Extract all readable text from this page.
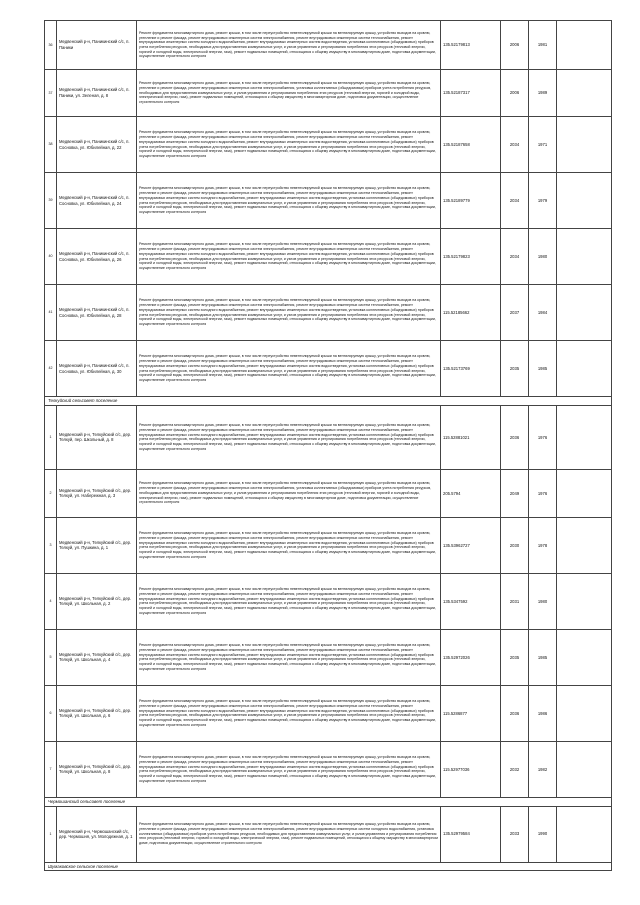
36	Медвенский р-н, Паникинский с/с, п. Паники	Ремонт фундамента многоквартирного дома, ремонт крыши, в том числе переустройство невентилируемой крыши на вентилируемую крышу, устройство выходов на кровлю, утепление и ремонт фасада, ремонт внутридомовых инженерных систем электроснабжения, ремонт внутридомовых инженерных систем теплоснабжения, ремонт внутридомовых инженерных систем холодного водоснабжения, ремонт внутридомовых инженерных систем водоотведения, установка коллективных (общедомовых) приборов учета потребления ресурсов, необходимых для предоставления коммунальных услуг, и узлов управления и регулирования потребления этих ресурсов (тепловой энергии, горячей и холодной воды, электрической энергии, газа), ремонт подвальных помещений, относящихся к общему имуществу в многоквартирном доме, подготовка документации, осуществление строительного контроля	135.52179813	2006	1981	
37	Медвенский р-н, Паникинский с/с, п. Паники, ул. Зеленая, д. 8	Ремонт фундамента многоквартирного дома, ремонт крыши, в том числе переустройство невентилируемой крыши на вентилируемую крышу, устройство выходов на кровлю, утепление и ремонт фасада, ремонт внутридомовых инженерных систем электроснабжения, установка коллективных (общедомовых) приборов учета потребления ресурсов, необходимых для предоставления коммунальных услуг, и узлов управления и регулирования потребления этих ресурсов (тепловой энергии, горячей и холодной воды, электрической энергии, газа), ремонт подвальных помещений, относящихся к общему имуществу в многоквартирном доме, подготовка документации, осуществление строительного контроля	135.52187317	2006	1989	
38	Медвенский р-н, Паникинский с/с, п. Сосновка, ул. Юбилейная, д. 22	Ремонт фундамента многоквартирного дома, ремонт крыши, в том числе переустройство невентилируемой крыши на вентилируемую крышу, устройство выходов на кровлю, утепление и ремонт фасада, ремонт внутридомовых инженерных систем электроснабжения, ремонт внутридомовых инженерных систем теплоснабжения, ремонт внутридомовых инженерных систем холодного водоснабжения, ремонт внутридомовых инженерных систем водоотведения, установка коллективных (общедомовых) приборов учета потребления ресурсов, необходимых для предоставления коммунальных услуг, и узлов управления и регулирования потребления этих ресурсов (тепловой энергии, горячей и холодной воды, электрической энергии, газа), ремонт подвальных помещений, относящихся к общему имуществу в многоквартирном доме, подготовка документации, осуществление строительного контроля	135.52187658	2034	1971	
39	Медвенский р-н, Паникинский с/с, п. Сосновка, ул. Юбилейная, д. 24	Ремонт фундамента многоквартирного дома, ремонт крыши, в том числе переустройство невентилируемой крыши на вентилируемую крышу, устройство выходов на кровлю, утепление и ремонт фасада, ремонт внутридомовых инженерных систем электроснабжения, ремонт внутридомовых инженерных систем теплоснабжения, ремонт внутридомовых инженерных систем холодного водоснабжения, ремонт внутридомовых инженерных систем водоотведения, установка коллективных (общедомовых) приборов учета потребления ресурсов, необходимых для предоставления коммунальных услуг, и узлов управления и регулирования потребления этих ресурсов (тепловой энергии, горячей и холодной воды, электрической энергии, газа), ремонт подвальных помещений, относящихся к общему имуществу в многоквартирном доме, подготовка документации, осуществление строительного контроля	135.52189779	2034	1979	
40	Медвенский р-н, Паникинский с/с, п. Сосновка, ул. Юбилейная, д. 26	Ремонт фундамента многоквартирного дома, ремонт крыши, в том числе переустройство невентилируемой крыши на вентилируемую крышу, устройство выходов на кровлю, утепление и ремонт фасада, ремонт внутридомовых инженерных систем электроснабжения, ремонт внутридомовых инженерных систем теплоснабжения, ремонт внутридомовых инженерных систем холодного водоснабжения, ремонт внутридомовых инженерных систем водоотведения, установка коллективных (общедомовых) приборов учета потребления ресурсов, необходимых для предоставления коммунальных услуг, и узлов управления и регулирования потребления этих ресурсов (тепловой энергии, горячей и холодной воды, электрической энергии, газа), ремонт подвальных помещений, относящихся к общему имуществу в многоквартирном доме, подготовка документации, осуществление строительного контроля	135.52179823	2034	1980	
41	Медвенский р-н, Паникинский с/с, п. Сосновка, ул. Юбилейная, д. 28	Ремонт фундамента многоквартирного дома, ремонт крыши, в том числе переустройство невентилируемой крыши на вентилируемую крышу, устройство выходов на кровлю, утепление и ремонт фасада, ремонт внутридомовых инженерных систем электроснабжения, ремонт внутридомовых инженерных систем теплоснабжения, ремонт внутридомовых инженерных систем холодного водоснабжения, ремонт внутридомовых инженерных систем водоотведения, установка коллективных (общедомовых) приборов учета потребления ресурсов, необходимых для предоставления коммунальных услуг, и узлов управления и регулирования потребления этих ресурсов (тепловой энергии, горячей и холодной воды, электрической энергии, газа), ремонт подвальных помещений, относящихся к общему имуществу в многоквартирном доме, подготовка документации, осуществление строительного контроля	115.52185662	2037	1984	
42	Медвенский р-н, Паникинский с/с, п. Сосновка, ул. Юбилейная, д. 30	Ремонт фундамента многоквартирного дома, ремонт крыши, в том числе переустройство невентилируемой крыши на вентилируемую крышу, устройство выходов на кровлю, утепление и ремонт фасада, ремонт внутридомовых инженерных систем электроснабжения, ремонт внутридомовых инженерных систем теплоснабжения, ремонт внутридомовых инженерных систем холодного водоснабжения, ремонт внутридомовых инженерных систем водоотведения, установка коллективных (общедомовых) приборов учета потребления ресурсов, необходимых для предоставления коммунальных услуг, и узлов управления и регулирования потребления этих ресурсов (тепловой энергии, горячей и холодной воды, электрической энергии, газа), ремонт подвальных помещений, относящихся к общему имуществу в многоквартирном доме, подготовка документации, осуществление строительного контроля	135.52173769	2035	1985	
Телкуйский сельсовет поселение						
1	Медвенский р-н, Телкуйский с/с, дер. Телкуй, пер. Школьный, д. 8	Ремонт фундамента многоквартирного дома, ремонт крыши, в том числе переустройство невентилируемой крыши на вентилируемую крышу, устройство выходов на кровлю, утепление и ремонт фасада, ремонт внутридомовых инженерных систем электроснабжения, ремонт внутридомовых инженерных систем теплоснабжения, ремонт внутридомовых инженерных систем холодного водоснабжения, ремонт внутридомовых инженерных систем водоотведения, установка коллективных (общедомовых) приборов учета потребления ресурсов, необходимых для предоставления коммунальных услуг, и узлов управления и регулирования потребления этих ресурсов (тепловой энергии, горячей и холодной воды, электрической энергии, газа), ремонт подвальных помещений, относящихся к общему имуществу в многоквартирном доме, подготовка документации, осуществление строительного контроля	115.52881021	2036	1976	
2	Медвенский р-н, Телкуйский с/с, дер. Телкуй, ул. Набережная, д. 3	Ремонт фундамента многоквартирного дома, ремонт крыши, в том числе переустройство невентилируемой крыши на вентилируемую крышу, устройство выходов на кровлю, утепление и ремонт фасада, ремонт внутридомовых инженерных систем электроснабжения, установка коллективных (общедомовых) приборов учета потребления ресурсов, необходимых для предоставления коммунальных услуг, и узлов управления и регулирования потребления этих ресурсов (тепловой энергии, горячей и холодной воды, электрической энергии, газа), ремонт подвальных помещений, относящихся к общему имуществу в многоквартирном доме, подготовка документации, осуществление строительного контроля	205.5794	2049	1976	
3	Медвенский р-н, Телкуйский с/с, дер. Телкуй, ул. Пушкина, д. 1	Ремонт фундамента многоквартирного дома, ремонт крыши, в том числе переустройство невентилируемой крыши на вентилируемую крышу, устройство выходов на кровлю, утепление и ремонт фасада, ремонт внутридомовых инженерных систем электроснабжения, ремонт внутридомовых инженерных систем теплоснабжения, ремонт внутридомовых инженерных систем холодного водоснабжения, ремонт внутридомовых инженерных систем водоотведения, установка коллективных (общедомовых) приборов учета потребления ресурсов, необходимых для предоставления коммунальных услуг, и узлов управления и регулирования потребления этих ресурсов (тепловой энергии, горячей и холодной воды, электрической энергии, газа), ремонт подвальных помещений, относящихся к общему имуществу в многоквартирном доме, подготовка документации, осуществление строительного контроля	135.53962727	2030	1978	
4	Медвенский р-н, Телкуйский с/с, дер. Телкуй, ул. Школьная, д. 2	Ремонт фундамента многоквартирного дома, ремонт крыши, в том числе переустройство невентилируемой крыши на вентилируемую крышу, устройство выходов на кровлю, утепление и ремонт фасада, ремонт внутридомовых инженерных систем электроснабжения, ремонт внутридомовых инженерных систем теплоснабжения, ремонт внутридомовых инженерных систем холодного водоснабжения, ремонт внутридомовых инженерных систем водоотведения, установка коллективных (общедомовых) приборов учета потребления ресурсов, необходимых для предоставления коммунальных услуг, и узлов управления и регулирования потребления этих ресурсов (тепловой энергии, горячей и холодной воды, электрической энергии, газа), ремонт подвальных помещений, относящихся к общему имуществу в многоквартирном доме, подготовка документации, осуществление строительного контроля	135.5347592	2031	1980	
5	Медвенский р-н, Телкуйский с/с, дер. Телкуй, ул. Школьная, д. 4	Ремонт фундамента многоквартирного дома, ремонт крыши, в том числе переустройство невентилируемой крыши на вентилируемую крышу, устройство выходов на кровлю, утепление и ремонт фасада, ремонт внутридомовых инженерных систем электроснабжения, ремонт внутридомовых инженерных систем теплоснабжения, ремонт внутридомовых инженерных систем холодного водоснабжения, ремонт внутридомовых инженерных систем водоотведения, установка коллективных (общедомовых) приборов учета потребления ресурсов, необходимых для предоставления коммунальных услуг, и узлов управления и регулирования потребления этих ресурсов (тепловой энергии, горячей и холодной воды, электрической энергии, газа), ремонт подвальных помещений, относящихся к общему имуществу в многоквартирном доме, подготовка документации, осуществление строительного контроля	135.52972026	2035	1985	
6	Медвенский р-н, Телкуйский с/с, дер. Телкуй, ул. Школьная, д. 6	Ремонт фундамента многоквартирного дома, ремонт крыши, в том числе переустройство невентилируемой крыши на вентилируемую крышу, устройство выходов на кровлю, утепление и ремонт фасада, ремонт внутридомовых инженерных систем электроснабжения, ремонт внутридомовых инженерных систем теплоснабжения, ремонт внутридомовых инженерных систем холодного водоснабжения, ремонт внутридомовых инженерных систем водоотведения, установка коллективных (общедомовых) приборов учета потребления ресурсов, необходимых для предоставления коммунальных услуг, и узлов управления и регулирования потребления этих ресурсов (тепловой энергии, горячей и холодной воды, электрической энергии, газа), ремонт подвальных помещений, относящихся к общему имуществу в многоквартирном доме, подготовка документации, осуществление строительного контроля	115.5286877	2036	1986	
7	Медвенский р-н, Телкуйский с/с, дер. Телкуй, ул. Школьная, д. 8	Ремонт фундамента многоквартирного дома, ремонт крыши, в том числе переустройство невентилируемой крыши на вентилируемую крышу, устройство выходов на кровлю, утепление и ремонт фасада, ремонт внутридомовых инженерных систем электроснабжения, ремонт внутридомовых инженерных систем теплоснабжения, ремонт внутридомовых инженерных систем холодного водоснабжения, ремонт внутридомовых инженерных систем водоотведения, установка коллективных (общедомовых) приборов учета потребления ресурсов, необходимых для предоставления коммунальных услуг, и узлов управления и регулирования потребления этих ресурсов (тепловой энергии, горячей и холодной воды, электрической энергии, газа), ремонт подвальных помещений, относящихся к общему имуществу в многоквартирном доме, подготовка документации, осуществление строительного контроля	115.52977036	2032	1982	
Чермошанский сельсовет поселение						
1	Медвенский р-н, Чермошанский с/с, дер. Чермошня, ул. Молодежная, д. 1	Ремонт фундамента многоквартирного дома, ремонт крыши, в том числе переустройство невентилируемой крыши на вентилируемую крышу, устройство выходов на кровлю, утепление и ремонт фасада, ремонт внутридомовых инженерных систем электроснабжения, ремонт внутридомовых инженерных систем холодного водоснабжения, установка коллективных (общедомовых) приборов учета потребления ресурсов, необходимых для предоставления коммунальных услуг, и узлов управления и регулирования потребления этих ресурсов (тепловой энергии, горячей и холодной воды, электрической энергии, газа), ремонт подвальных помещений, относящихся к общему имуществу в многоквартирном доме, подготовка документации, осуществление строительного контроля	135.52979584	2033	1990	
Шумаковское сельское поселение						
